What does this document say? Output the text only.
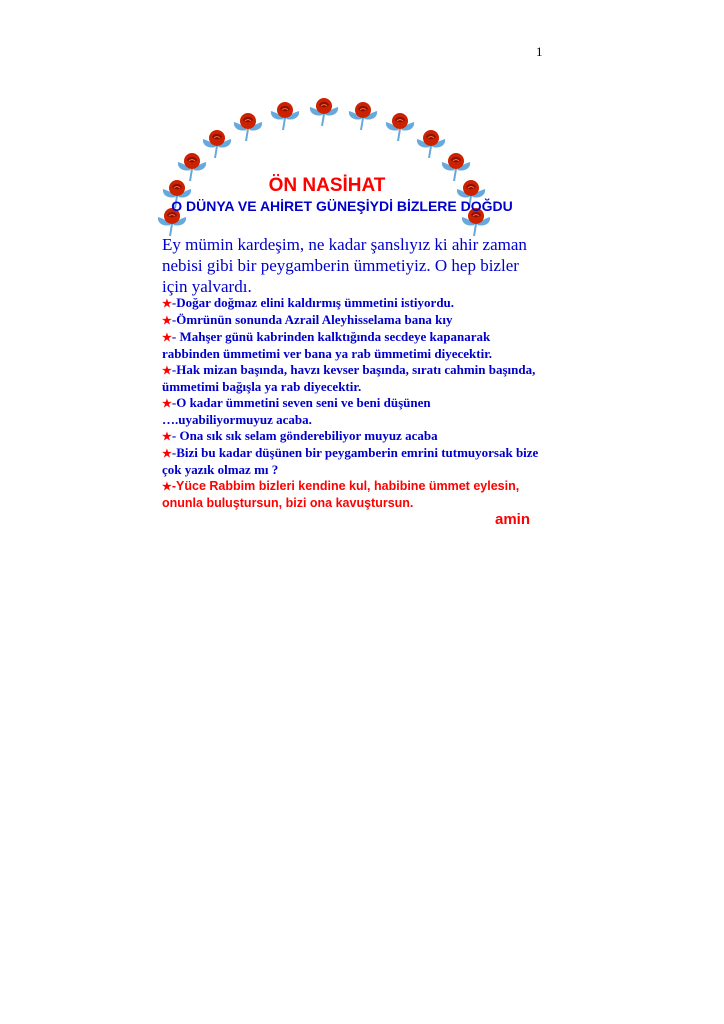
1
ÖN NASİHAT
O DÜNYA VE AHİRET GÜNEŞİYDİ BİZLERE DOĞDU
Ey mümin kardeşim, ne kadar şanslıyız ki ahir zaman nebisi gibi bir peygamberin ümmetiyiz. O hep bizler için yalvardı.
★-Doğar doğmaz elini kaldırmış ümmetini istiyordu.
★-Ömrünün sonunda Azrail Aleyhisselama bana kıy
★- Mahşer günü kabrinden kalktığında secdeye kapanarak rabbinden ümmetimi ver bana ya rab ümmetimi diyecektir.
★-Hak mizan başında, havzı kevser başında, sıratı cahmin başında, ümmetimi bağışla ya rab diyecektir.
★-O kadar ümmetini seven seni ve beni düşünen ….uyabiliyormuyuz acaba.
★- Ona sık sık selam gönderebiliyor muyuz acaba
★-Bizi bu kadar düşünen bir peygamberin emrini tutmuyorsak bize çok yazık olmaz mı ?
★-Yüce Rabbim bizleri kendine kul, habibine ümmet eylesin, onunla buluştursun, bizi ona kavuştursun.
amin
